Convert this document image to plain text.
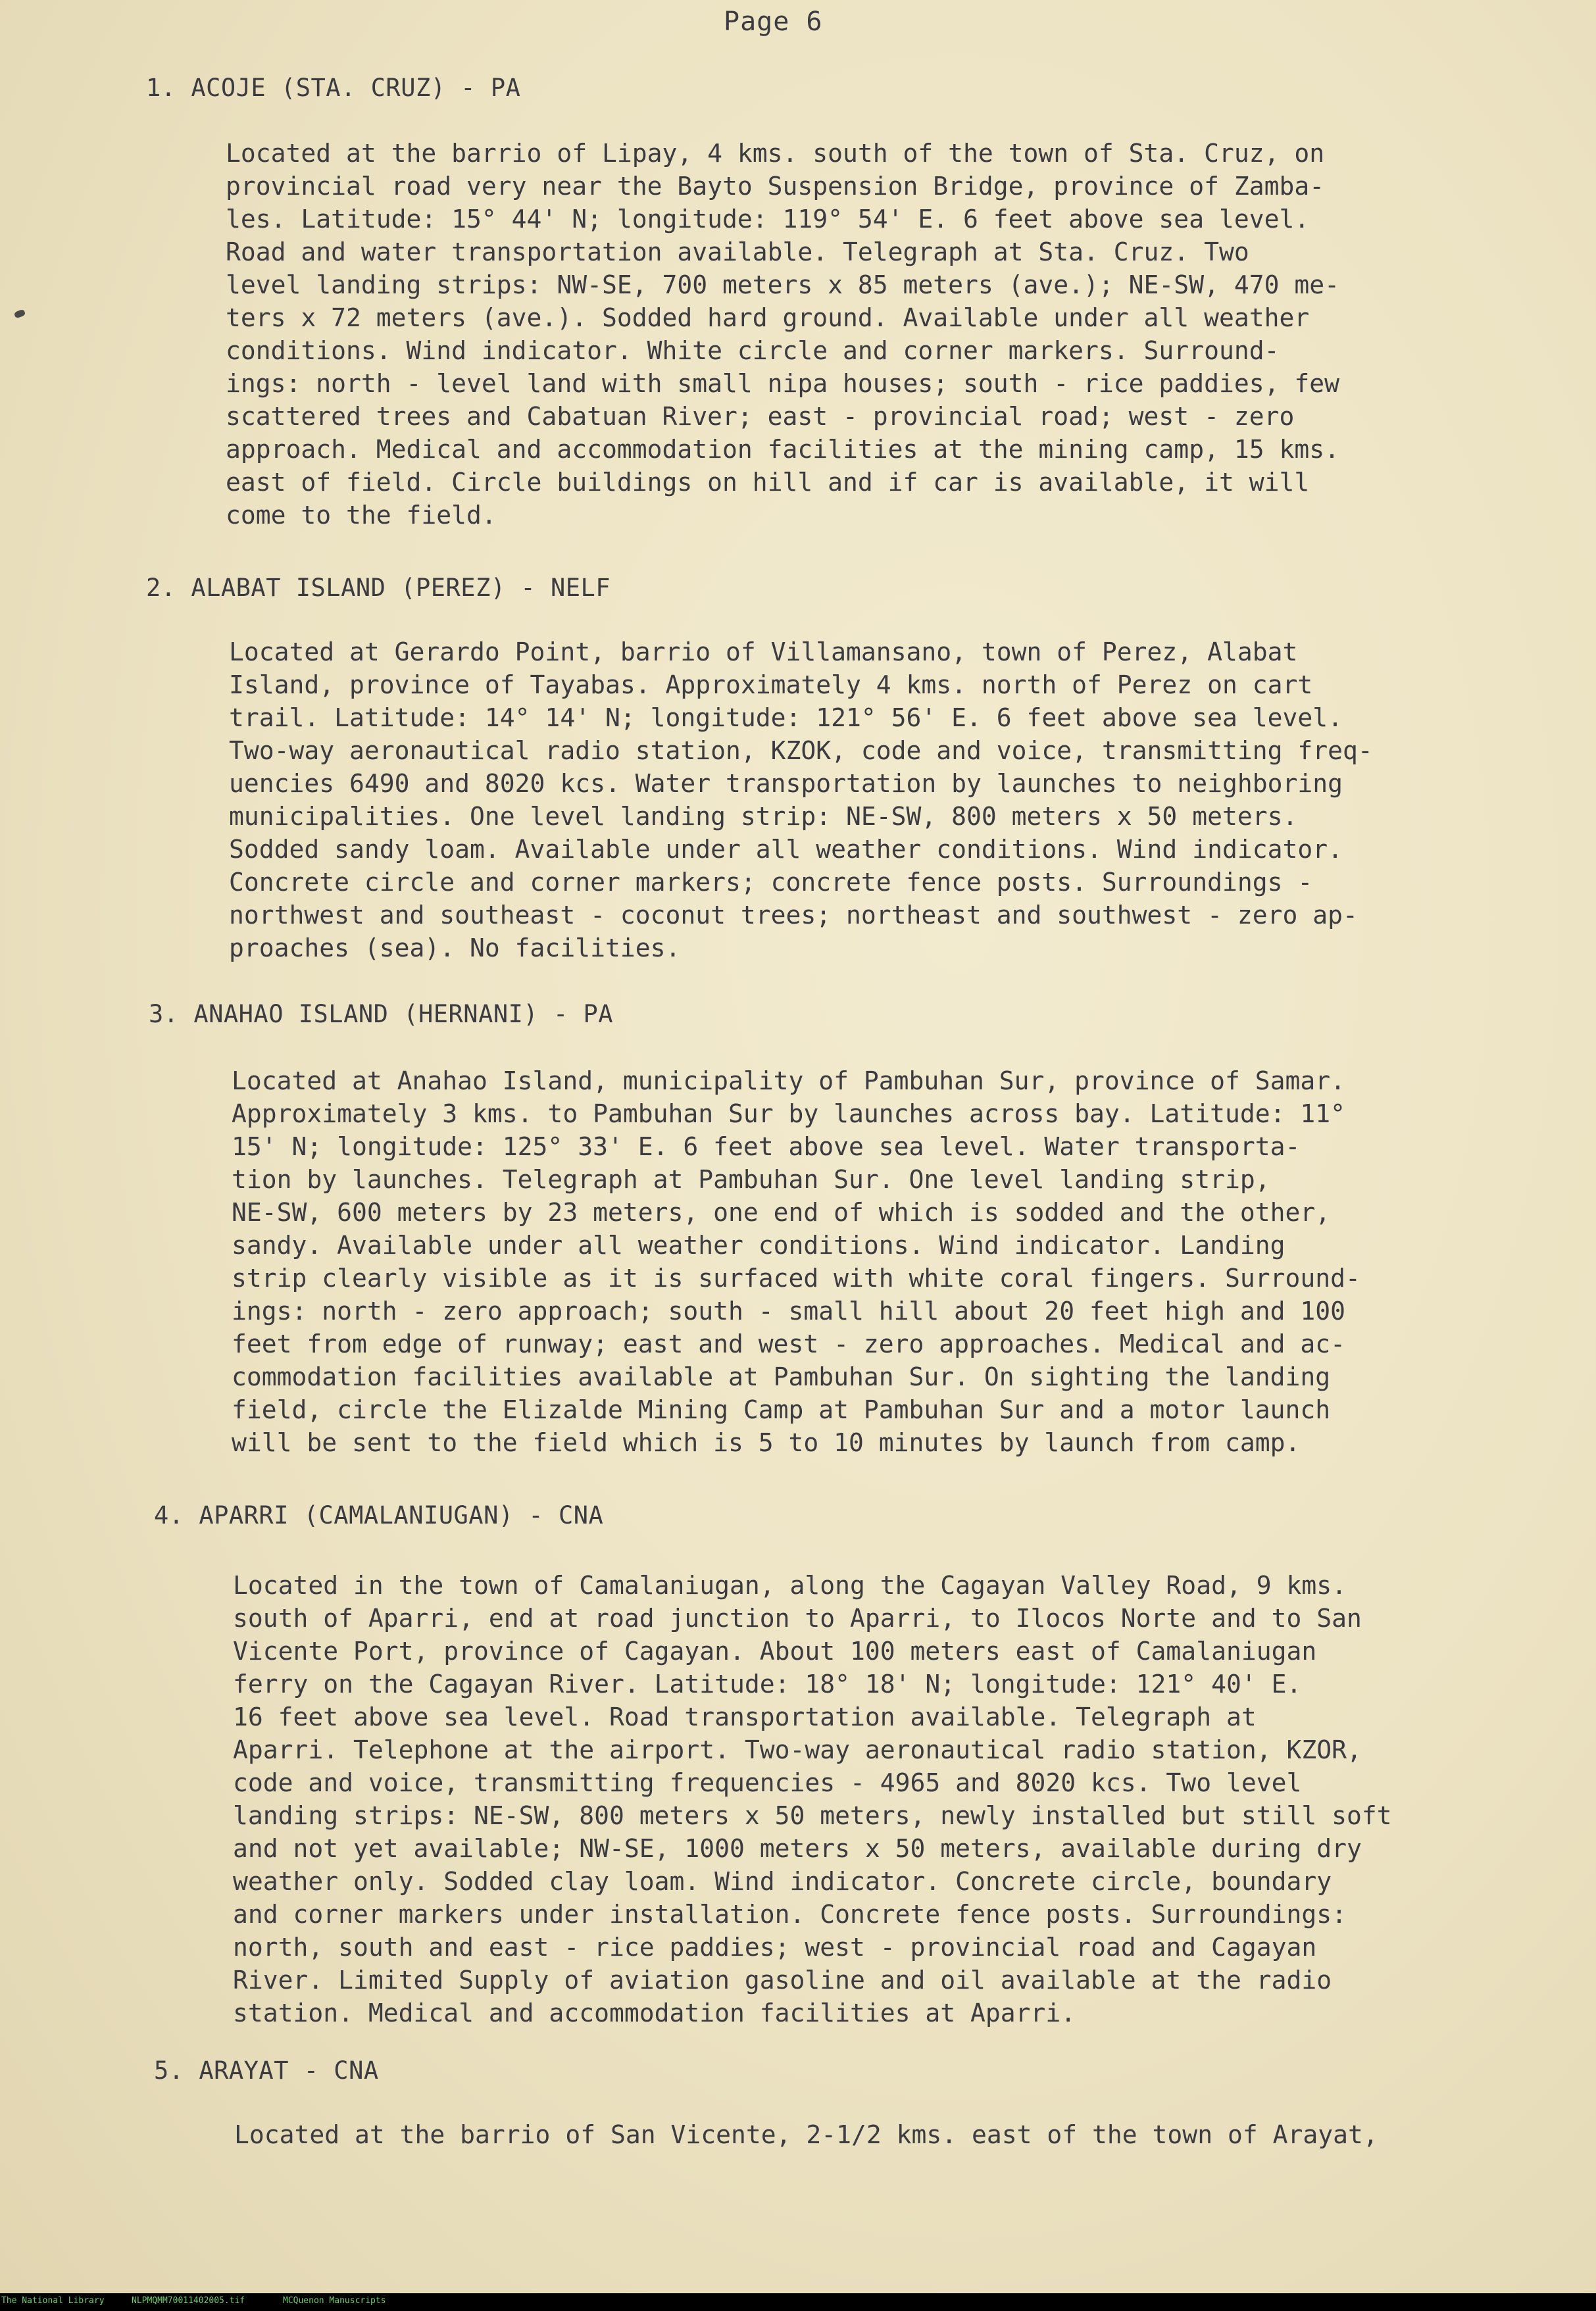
Page 6
1. ACOJE (STA. CRUZ) - PA
Located at the barrio of Lipay, 4 kms. south of the town of Sta. Cruz, on
provincial road very near the Bayto Suspension Bridge, province of Zamba-
les. Latitude: 15° 44' N; longitude: 119° 54' E. 6 feet above sea level.
Road and water transportation available. Telegraph at Sta. Cruz. Two
level landing strips: NW-SE, 700 meters x 85 meters (ave.); NE-SW, 470 me-
ters x 72 meters (ave.). Sodded hard ground. Available under all weather
conditions. Wind indicator. White circle and corner markers. Surround-
ings: north - level land with small nipa houses; south - rice paddies, few
scattered trees and Cabatuan River; east - provincial road; west - zero
approach. Medical and accommodation facilities at the mining camp, 15 kms.
east of field. Circle buildings on hill and if car is available, it will
come to the field.
2. ALABAT ISLAND (PEREZ) - NELF
Located at Gerardo Point, barrio of Villamansano, town of Perez, Alabat
Island, province of Tayabas. Approximately 4 kms. north of Perez on cart
trail. Latitude: 14° 14' N; longitude: 121° 56' E. 6 feet above sea level.
Two-way aeronautical radio station, KZOK, code and voice, transmitting freq-
uencies 6490 and 8020 kcs. Water transportation by launches to neighboring
municipalities. One level landing strip: NE-SW, 800 meters x 50 meters.
Sodded sandy loam. Available under all weather conditions. Wind indicator.
Concrete circle and corner markers; concrete fence posts. Surroundings -
northwest and southeast - coconut trees; northeast and southwest - zero ap-
proaches (sea). No facilities.
3. ANAHAO ISLAND (HERNANI) - PA
Located at Anahao Island, municipality of Pambuhan Sur, province of Samar.
Approximately 3 kms. to Pambuhan Sur by launches across bay. Latitude: 11°
15' N; longitude: 125° 33' E. 6 feet above sea level. Water transporta-
tion by launches. Telegraph at Pambuhan Sur. One level landing strip,
NE-SW, 600 meters by 23 meters, one end of which is sodded and the other,
sandy. Available under all weather conditions. Wind indicator. Landing
strip clearly visible as it is surfaced with white coral fingers. Surround-
ings: north - zero approach; south - small hill about 20 feet high and 100
feet from edge of runway; east and west - zero approaches. Medical and ac-
commodation facilities available at Pambuhan Sur. On sighting the landing
field, circle the Elizalde Mining Camp at Pambuhan Sur and a motor launch
will be sent to the field which is 5 to 10 minutes by launch from camp.
4. APARRI (CAMALANIUGAN) - CNA
Located in the town of Camalaniugan, along the Cagayan Valley Road, 9 kms.
south of Aparri, end at road junction to Aparri, to Ilocos Norte and to San
Vicente Port, province of Cagayan. About 100 meters east of Camalaniugan
ferry on the Cagayan River. Latitude: 18° 18' N; longitude: 121° 40' E.
16 feet above sea level. Road transportation available. Telegraph at
Aparri. Telephone at the airport. Two-way aeronautical radio station, KZOR,
code and voice, transmitting frequencies - 4965 and 8020 kcs. Two level
landing strips: NE-SW, 800 meters x 50 meters, newly installed but still soft
and not yet available; NW-SE, 1000 meters x 50 meters, available during dry
weather only. Sodded clay loam. Wind indicator. Concrete circle, boundary
and corner markers under installation. Concrete fence posts. Surroundings:
north, south and east - rice paddies; west - provincial road and Cagayan
River. Limited Supply of aviation gasoline and oil available at the radio
station. Medical and accommodation facilities at Aparri.
5. ARAYAT - CNA
Located at the barrio of San Vicente, 2-1/2 kms. east of the town of Arayat,
The National Library	NLPMQMM70011402005.tif	MCQuenon Manuscripts
